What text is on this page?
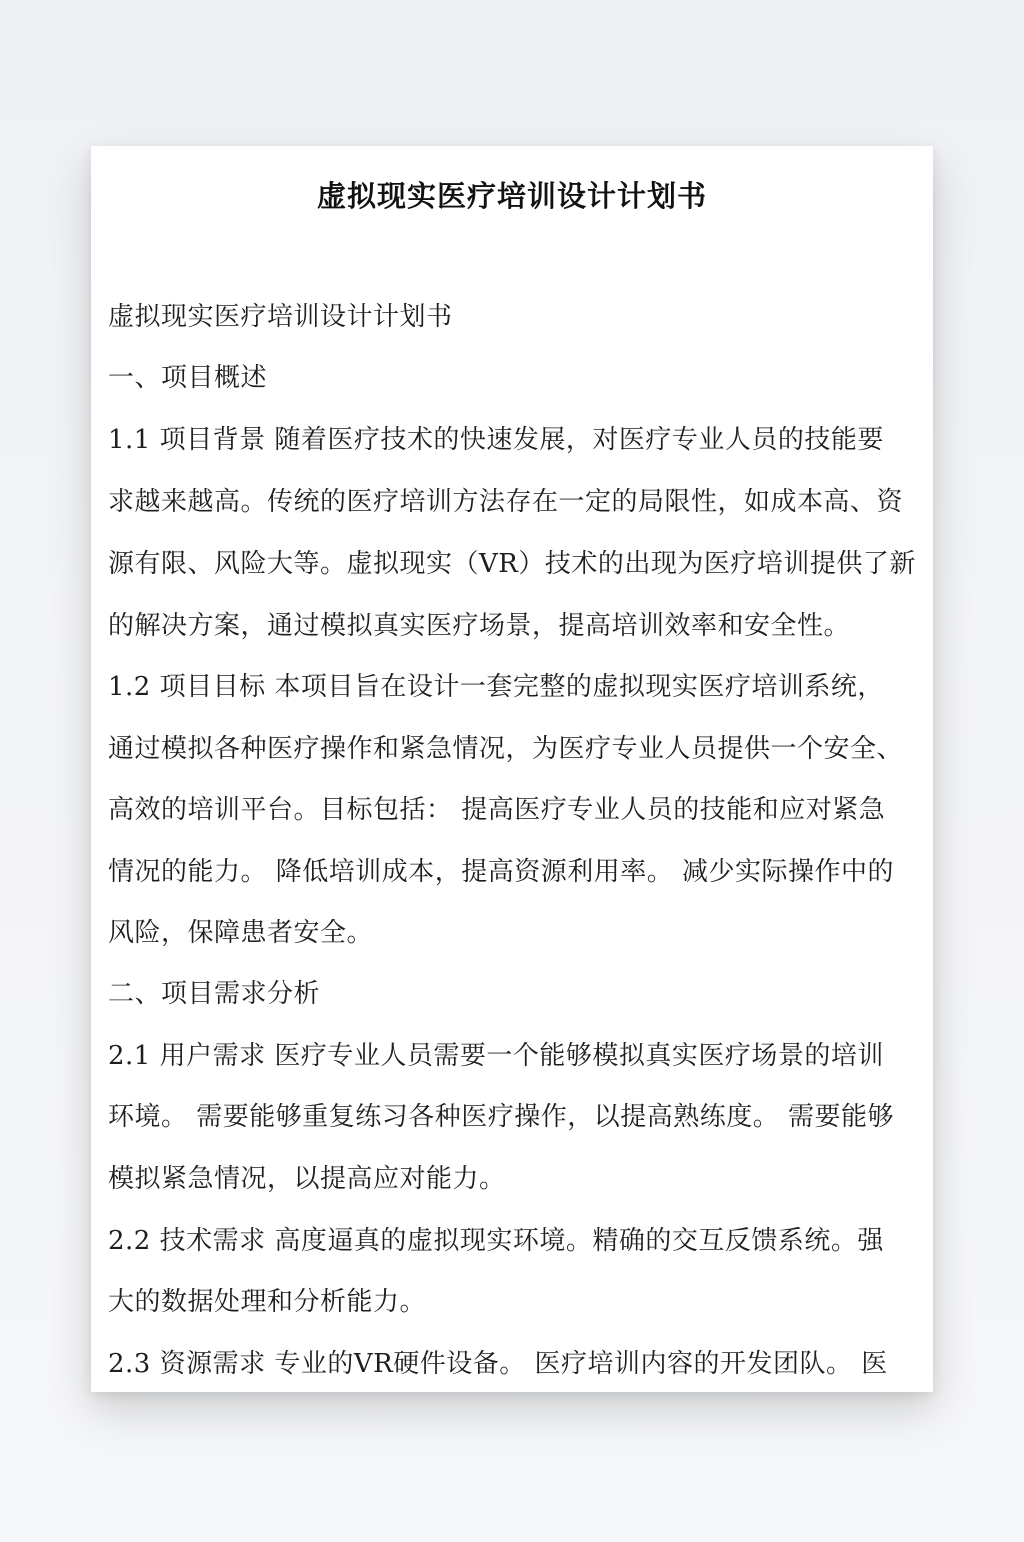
虚拟现实医疗培训设计计划书
虚拟现实医疗培训设计计划书
一、项目概述
1.1 项目背景 随着医疗技术的快速发展，对医疗专业人员的技能要
求越来越高。传统的医疗培训方法存在一定的局限性，如成本高、资
源有限、风险大等。虚拟现实（VR）技术的出现为医疗培训提供了新
的解决方案，通过模拟真实医疗场景，提高培训效率和安全性。
1.2 项目目标 本项目旨在设计一套完整的虚拟现实医疗培训系统，
通过模拟各种医疗操作和紧急情况，为医疗专业人员提供一个安全、
高效的培训平台。目标包括： 提高医疗专业人员的技能和应对紧急
情况的能力。 降低培训成本，提高资源利用率。 减少实际操作中的
风险，保障患者安全。
二、项目需求分析
2.1 用户需求 医疗专业人员需要一个能够模拟真实医疗场景的培训
环境。 需要能够重复练习各种医疗操作，以提高熟练度。 需要能够
模拟紧急情况，以提高应对能力。
2.2 技术需求 高度逼真的虚拟现实环境。精确的交互反馈系统。强
大的数据处理和分析能力。
2.3 资源需求 专业的VR硬件设备。 医疗培训内容的开发团队。 医
